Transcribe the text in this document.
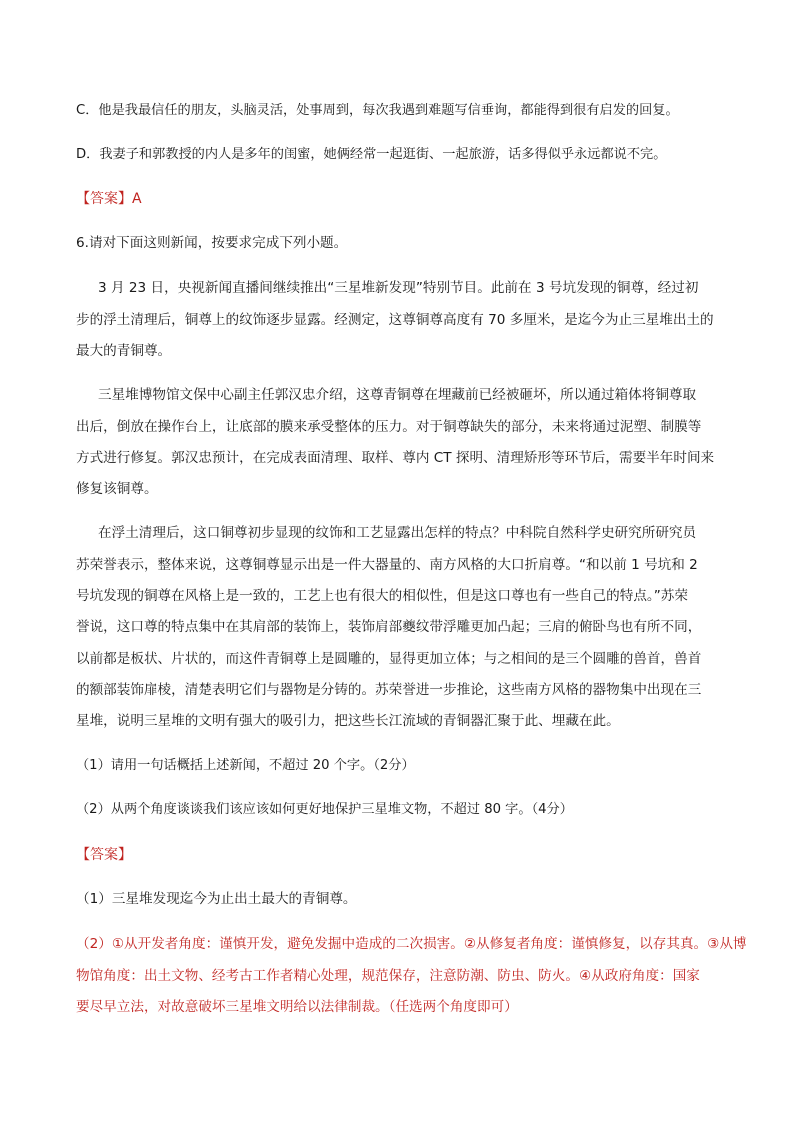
C．他是我最信任的朋友，头脑灵活，处事周到，每次我遇到难题写信垂询，都能得到很有启发的回复。
D．我妻子和郭教授的内人是多年的闺蜜，她俩经常一起逛街、一起旅游，话多得似乎永远都说不完。
【答案】A
6.请对下面这则新闻，按要求完成下列小题。
3 月 23 日，央视新闻直播间继续推出“三星堆新发现”特别节目。此前在 3 号坑发现的铜尊，经过初
步的浮土清理后，铜尊上的纹饰逐步显露。经测定，这尊铜尊高度有 70 多厘米，是迄今为止三星堆出土的
最大的青铜尊。
三星堆博物馆文保中心副主任郭汉忠介绍，这尊青铜尊在埋藏前已经被砸坏，所以通过箱体将铜尊取
出后，倒放在操作台上，让底部的膜来承受整体的压力。对于铜尊缺失的部分，未来将通过泥塑、制膜等
方式进行修复。郭汉忠预计，在完成表面清理、取样、尊内 CT 探明、清理矫形等环节后，需要半年时间来
修复该铜尊。
在浮土清理后，这口铜尊初步显现的纹饰和工艺显露出怎样的特点？中科院自然科学史研究所研究员
苏荣誉表示，整体来说，这尊铜尊显示出是一件大器量的、南方风格的大口折肩尊。“和以前 1 号坑和 2
号坑发现的铜尊在风格上是一致的，工艺上也有很大的相似性，但是这口尊也有一些自己的特点。”苏荣
誉说，这口尊的特点集中在其肩部的装饰上，装饰肩部夔纹带浮雕更加凸起；三肩的俯卧鸟也有所不同，
以前都是板状、片状的，而这件青铜尊上是圆雕的，显得更加立体；与之相间的是三个圆雕的兽首，兽首
的额部装饰扉棱，清楚表明它们与器物是分铸的。苏荣誉进一步推论，这些南方风格的器物集中出现在三
星堆，说明三星堆的文明有强大的吸引力，把这些长江流域的青铜器汇聚于此、埋藏在此。
（1）请用一句话概括上述新闻，不超过 20 个字。（2分）
（2）从两个角度谈谈我们该应该如何更好地保护三星堆文物，不超过 80 字。（4分）
【答案】
（1）三星堆发现迄今为止出土最大的青铜尊。
（2）①从开发者角度：谨慎开发，避免发掘中造成的二次损害。②从修复者角度：谨慎修复，以存其真。③从博
物馆角度：出土文物、经考古工作者精心处理，规范保存，注意防潮、防虫、防火。④从政府角度：国家
要尽早立法，对故意破坏三星堆文明给以法律制裁。（任选两个角度即可）
